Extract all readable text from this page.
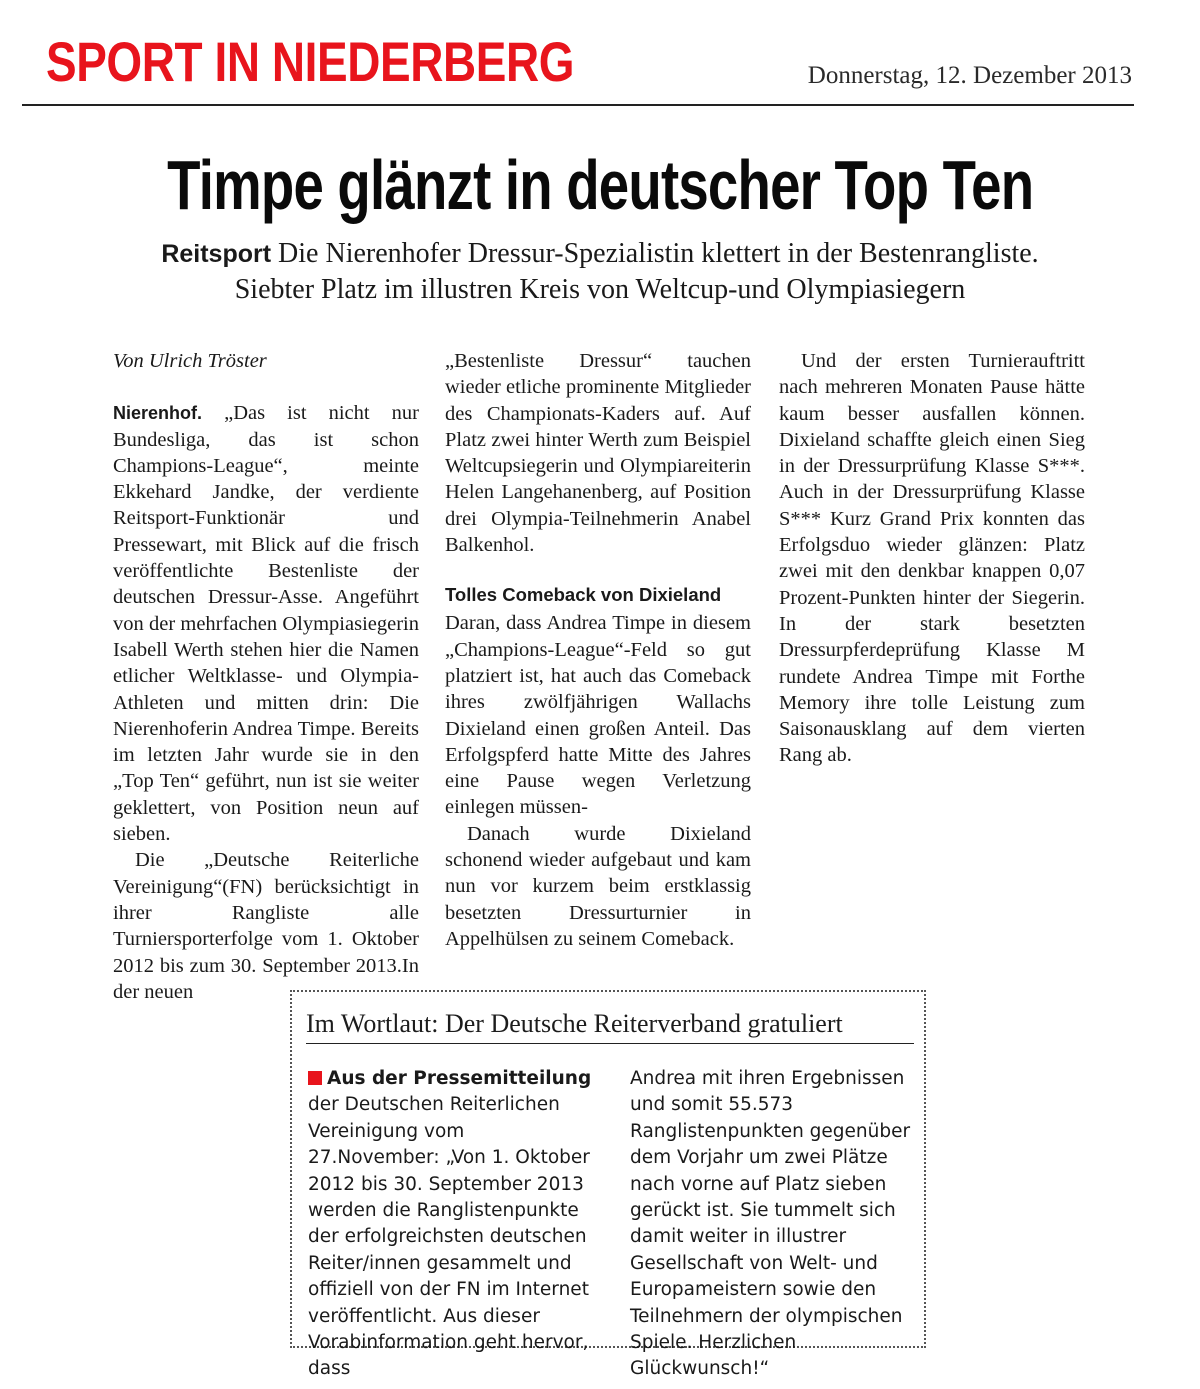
SPORT IN NIEDERBERG	Donnerstag, 12. Dezember 2013
Timpe glänzt in deutscher Top Ten
Reitsport Die Nierenhofer Dressur-Spezialistin klettert in der Bestenrangliste.
Siebter Platz im illustren Kreis von Weltcup-und Olympiasiegern

Von Ulrich Tröster

Nierenhof. „Das ist nicht nur Bundesliga, das ist schon Champions-League“, meinte Ekkehard Jandke, der verdiente Reitsport-Funktionär und Pressewart, mit Blick auf die frisch veröffentlichte Bestenliste der deutschen Dressur-Asse. Angeführt von der mehrfachen Olympiasiegerin Isabell Werth stehen hier die Namen etlicher Weltklasse- und Olympia-Athleten und mitten drin: Die Nierenhoferin Andrea Timpe. Bereits im letzten Jahr wurde sie in den „Top Ten“ geführt, nun ist sie weiter geklettert, von Position neun auf sieben.

Die „Deutsche Reiterliche Vereinigung“(FN) berücksichtigt in ihrer Rangliste alle Turniersporterfolge vom 1. Oktober 2012 bis zum 30. September 2013.In der neuen

„Bestenliste Dressur“ tauchen wieder etliche prominente Mitglieder des Championats-Kaders auf. Auf Platz zwei hinter Werth zum Beispiel Weltcupsiegerin und Olympiareiterin Helen Langehanenberg, auf Position drei Olympia-Teilnehmerin Anabel Balkenhol.

Tolles Comeback von Dixieland

Daran, dass Andrea Timpe in diesem „Champions-League“-Feld so gut platziert ist, hat auch das Comeback ihres zwölfjährigen Wallachs Dixieland einen großen Anteil. Das Erfolgspferd hatte Mitte des Jahres eine Pause wegen Verletzung einlegen müssen-

Danach wurde Dixieland schonend wieder aufgebaut und kam nun vor kurzem beim erstklassig besetzten Dressurturnier in Appelhülsen zu seinem Comeback.

Und der ersten Turnierauftritt nach mehreren Monaten Pause hätte kaum besser ausfallen können. Dixieland schaffte gleich einen Sieg in der Dressurprüfung Klasse S***. Auch in der Dressurprüfung Klasse S*** Kurz Grand Prix konnten das Erfolgsduo wieder glänzen: Platz zwei mit den denkbar knappen 0,07 Prozent-Punkten hinter der Siegerin. In der stark besetzten Dressurpferdeprüfung Klasse M rundete Andrea Timpe mit Forthe Memory ihre tolle Leistung zum Saisonausklang auf dem vierten Rang ab.

Im Wortlaut: Der Deutsche Reiterverband gratuliert

Aus der Pressemitteilung der Deutschen Reiterlichen Vereinigung vom 27.November: „Von 1. Oktober 2012 bis 30. September 2013 werden die Ranglistenpunkte der erfolgreichsten deutschen Reiter/innen gesammelt und offiziell von der FN im Internet veröffentlicht. Aus dieser Vorabinformation geht hervor, dass

Andrea mit ihren Ergebnissen und somit 55.573 Ranglistenpunkten gegenüber dem Vorjahr um zwei Plätze nach vorne auf Platz sieben gerückt ist. Sie tummelt sich damit weiter in illustrer Gesellschaft von Welt- und Europameistern sowie den Teilnehmern der olympischen Spiele. Herzlichen Glückwunsch!“
